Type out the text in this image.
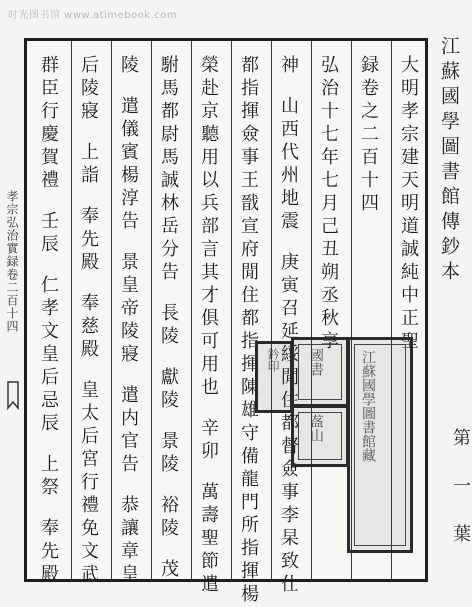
时光图书馆 www.atimebook.com
大明孝宗建天明道誠純中正聖
録卷之二百十四
弘治十七年七月己丑朔丞秋享
神山西代州地震庚寅召延綏閒住都督僉事李杲致仕
都指揮僉事王戩宣府閒住都指揮陳雄守備龍門所指揮楊
榮赴京聽用以兵部言其才俱可用也辛卯萬壽聖節遣
駙馬都尉馬誠林岳分告長陵獻陵景陵裕陵茂
陵遣儀賓楊淳告景皇帝陵寢遣内官告恭讓章皇
后陵寢上詣奉先殿奉慈殿皇太后宮行禮免文武
群臣行慶賀禮壬辰仁孝文皇后忌辰上祭奉先殿
江蘇國學圖書館藏
國書
盋山
鈐印
江蘇國學圖書館傳鈔本
第一葉
孝宗弘治實録卷二百十四
